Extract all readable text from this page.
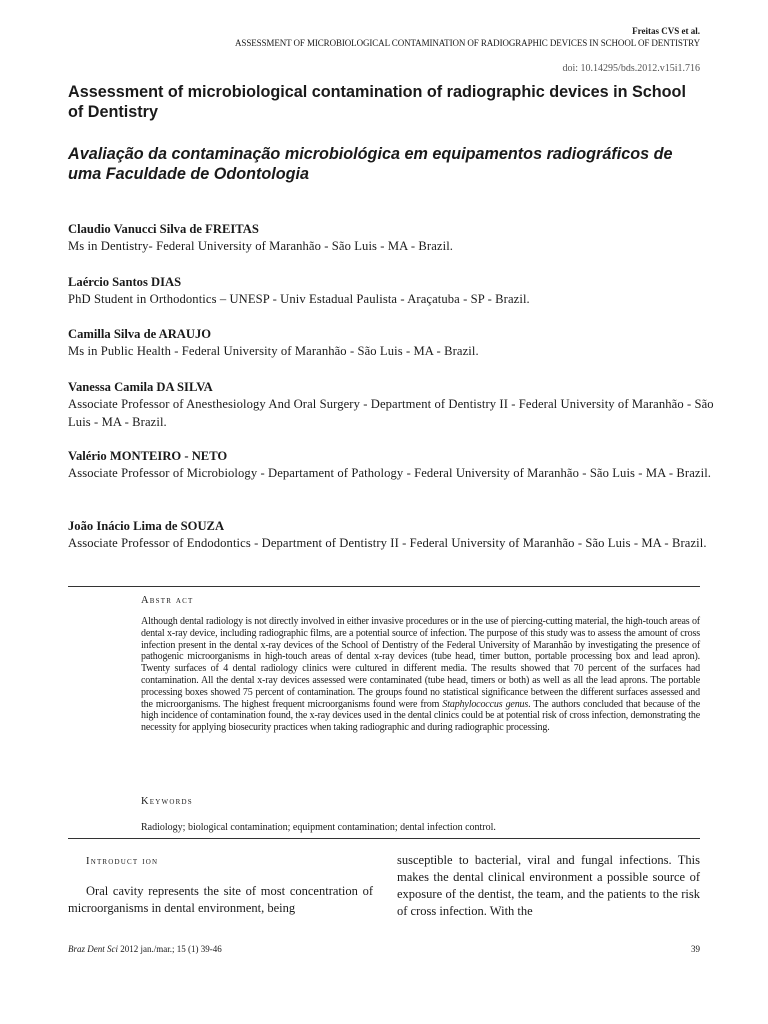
Freitas CVS et al.
ASSESSMENT OF MICROBIOLOGICAL CONTAMINATION OF RADIOGRAPHIC DEVICES IN SCHOOL OF DENTISTRY
doi: 10.14295/bds.2012.v15i1.716
Assessment of microbiological contamination of radiographic devices in School of Dentistry
Avaliação da contaminação microbiológica em equipamentos radiográficos de uma Faculdade de Odontologia
Claudio Vanucci Silva de FREITAS
Ms in Dentistry- Federal University of Maranhão - São Luis - MA - Brazil.
Laércio Santos DIAS
PhD Student in Orthodontics – UNESP - Univ Estadual Paulista - Araçatuba - SP - Brazil.
Camilla Silva de ARAUJO
Ms in Public Health - Federal University of Maranhão - São Luis - MA - Brazil.
Vanessa Camila DA SILVA
Associate Professor of Anesthesiology And Oral Surgery - Department of Dentistry II - Federal University of Maranhão - São Luis - MA - Brazil.
Valério MONTEIRO - NETO
Associate Professor of Microbiology - Departament of Pathology - Federal University of Maranhão - São Luis - MA - Brazil.
João Inácio Lima de SOUZA
Associate Professor of Endodontics - Department of Dentistry II - Federal University of Maranhão - São Luis - MA - Brazil.
Abstr act
Although dental radiology is not directly involved in either invasive procedures or in the use of piercing-cutting material, the high-touch areas of dental x-ray device, including radiographic films, are a potential source of infection. The purpose of this study was to assess the amount of cross infection present in the dental x-ray devices of the School of Dentistry of the Federal University of Maranhão by investigating the presence of pathogenic microorganisms in high-touch areas of dental x-ray devices (tube head, timer button, portable processing box and lead apron). Twenty surfaces of 4 dental radiology clinics were cultured in different media. The results showed that 70 percent of the surfaces had contamination. All the dental x-ray devices assessed were contaminated (tube head, timers or both) as well as all the lead aprons. The portable processing boxes showed 75 percent of contamination. The groups found no statistical significance between the different surfaces assessed and the microorganisms. The highest frequent microorganisms found were from Staphylococcus genus. The authors concluded that because of the high incidence of contamination found, the x-ray devices used in the dental clinics could be at potential risk of cross infection, demonstrating the necessity for applying biosecurity practices when taking radiographic and during radiographic processing.
Keywords
Radiology; biological contamination; equipment contamination; dental infection control.
Introduct ion

Oral cavity represents the site of most concentration of microorganisms in dental environment, being

susceptible to bacterial, viral and fungal infections. This makes the dental clinical environment a possible source of exposure of the dentist, the team, and the patients to the risk of cross infection. With the
Braz Dent Sci 2012 jan./mar.; 15 (1) 39-46	39
